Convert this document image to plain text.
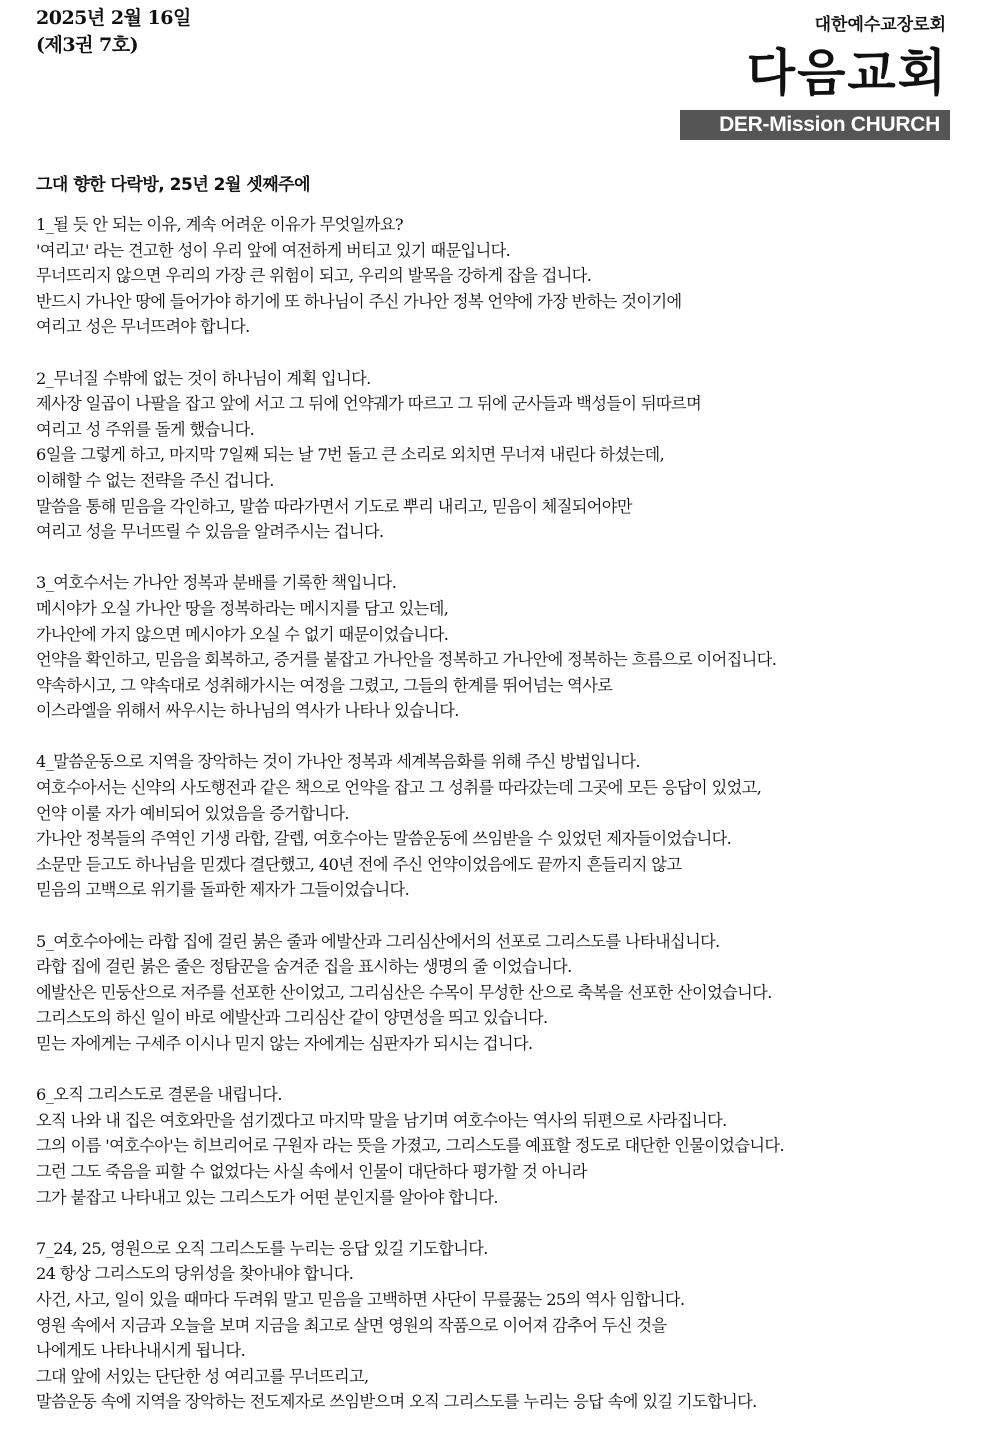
2025년 2월 16일
(제3권 7호)
대한예수교장로회
다음교회
DER-Mission CHURCH
그대 향한 다락방, 25년 2월 셋째주에
1_될 듯 안 되는 이유, 계속 어려운 이유가 무엇일까요?
'여리고' 라는 견고한 성이 우리 앞에 여전하게 버티고 있기 때문입니다.
무너뜨리지 않으면 우리의 가장 큰 위험이 되고, 우리의 발목을 강하게 잡을 겁니다.
반드시 가나안 땅에 들어가야 하기에 또 하나님이 주신 가나안 정복 언약에 가장 반하는 것이기에
여리고 성은 무너뜨려야 합니다.
2_무너질 수밖에 없는 것이 하나님이 계획 입니다.
제사장 일곱이 나팔을 잡고 앞에 서고 그 뒤에 언약궤가 따르고 그 뒤에 군사들과 백성들이 뒤따르며
여리고 성 주위를 돌게 했습니다.
6일을 그렇게 하고, 마지막 7일째 되는 날 7번 돌고 큰 소리로 외치면 무너져 내린다 하셨는데,
이해할 수 없는 전략을 주신 겁니다.
말씀을 통해 믿음을 각인하고, 말씀 따라가면서 기도로 뿌리 내리고, 믿음이 체질되어야만
여리고 성을 무너뜨릴 수 있음을 알려주시는 겁니다.
3_여호수서는 가나안 정복과 분배를 기록한 책입니다.
메시야가 오실 가나안 땅을 정복하라는 메시지를 담고 있는데,
가나안에 가지 않으면 메시야가 오실 수 없기 때문이었습니다.
언약을 확인하고, 믿음을 회복하고, 증거를 붙잡고 가나안을 정복하고 가나안에 정복하는 흐름으로 이어집니다.
약속하시고, 그 약속대로 성취해가시는 여정을 그렸고, 그들의 한계를 뛰어넘는 역사로
이스라엘을 위해서 싸우시는 하나님의 역사가 나타나 있습니다.
4_말씀운동으로 지역을 장악하는 것이 가나안 정복과 세계복음화를 위해 주신 방법입니다.
여호수아서는 신약의 사도행전과 같은 책으로 언약을 잡고 그 성취를 따라갔는데 그곳에 모든 응답이 있었고,
언약 이룰 자가 예비되어 있었음을 증거합니다.
가나안 정복들의 주역인 기생 라합, 갈렙, 여호수아는 말씀운동에 쓰임받을 수 있었던 제자들이었습니다.
소문만 듣고도 하나님을 믿겠다 결단했고, 40년 전에 주신 언약이었음에도 끝까지 흔들리지 않고
믿음의 고백으로 위기를 돌파한 제자가 그들이었습니다.
5_여호수아에는 라합 집에 걸린 붉은 줄과 에발산과 그리심산에서의 선포로 그리스도를 나타내십니다.
라합 집에 걸린 붉은 줄은 정탐꾼을 숨겨준 집을 표시하는 생명의 줄 이었습니다.
에발산은 민둥산으로 저주를 선포한 산이었고, 그리심산은 수목이 무성한 산으로 축복을 선포한 산이었습니다.
그리스도의 하신 일이 바로 에발산과 그리심산 같이 양면성을 띄고 있습니다.
믿는 자에게는 구세주 이시나 믿지 않는 자에게는 심판자가 되시는 겁니다.
6_오직 그리스도로 결론을 내립니다.
오직 나와 내 집은 여호와만을 섬기겠다고 마지막 말을 남기며 여호수아는 역사의 뒤편으로 사라집니다.
그의 이름 '여호수아'는 히브리어로 구원자 라는 뜻을 가졌고, 그리스도를 예표할 정도로 대단한 인물이었습니다.
그런 그도 죽음을 피할 수 없었다는 사실 속에서 인물이 대단하다 평가할 것 아니라
그가 붙잡고 나타내고 있는 그리스도가 어떤 분인지를 알아야 합니다.
7_24, 25, 영원으로 오직 그리스도를 누리는 응답 있길 기도합니다.
24 항상 그리스도의 당위성을 찾아내야 합니다.
사건, 사고, 일이 있을 때마다 두려워 말고 믿음을 고백하면 사단이 무릎꿇는 25의 역사 임합니다.
영원 속에서 지금과 오늘을 보며 지금을 최고로 살면 영원의 작품으로 이어져 감추어 두신 것을
나에게도 나타나내시게 됩니다.
그대 앞에 서있는 단단한 성 여리고를 무너뜨리고,
말씀운동 속에 지역을 장악하는 전도제자로 쓰임받으며 오직 그리스도를 누리는 응답 속에 있길 기도합니다.
